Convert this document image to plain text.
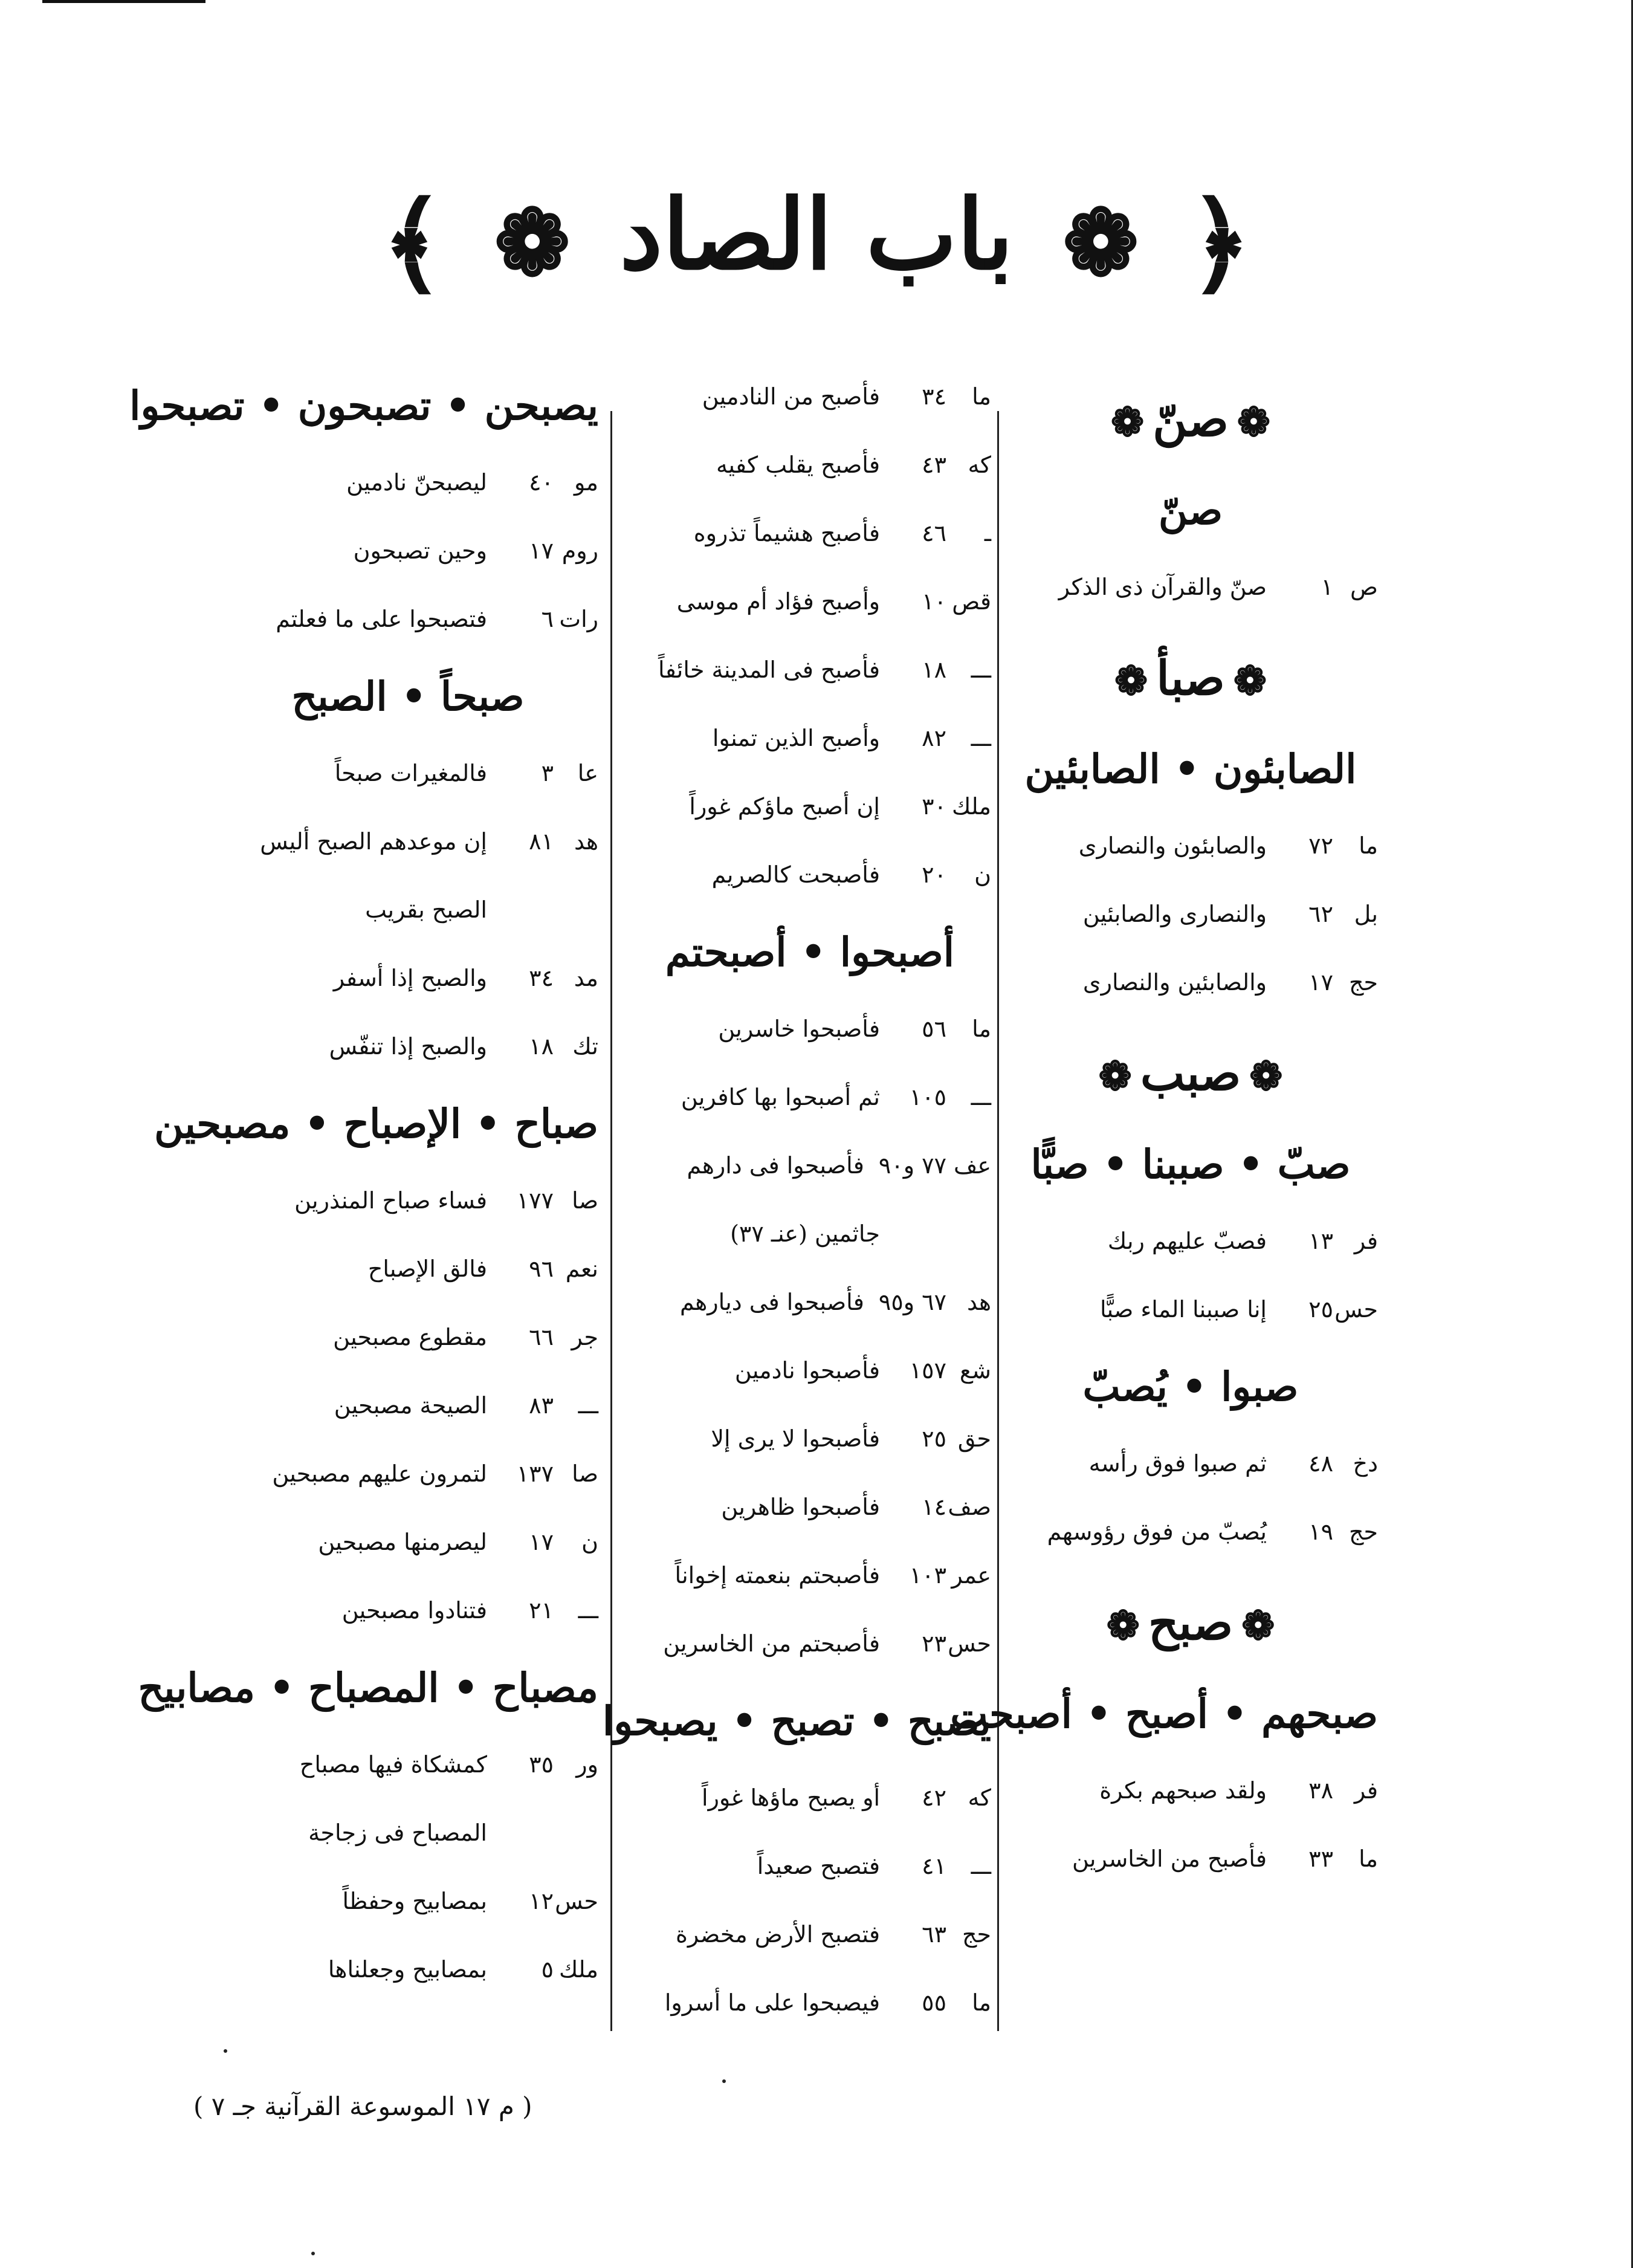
﴿ ❁ باب الصاد ❁ ﴾
❁صنّ❁
صنّ
ص
١
صنّ والقرآن ذى الذكر
❁صبأ❁
الصابئون • الصابئين
ما
٧٢
والصابئون والنصارى
بل
٦٢
والنصارى والصابئين
حج
١٧
والصابئين والنصارى
❁صبب❁
صبّ • صببنا • صبًّا
فر
١٣
فصبّ عليهم ربك
حس
٢٥
إنا صببنا الماء صبًّا
صبوا • يُصبّ
دخ
٤٨
ثم صبوا فوق رأسه
حج
١٩
يُصبّ من فوق رؤوسهم
❁صبح❁
صبحهم • أصبح • أصبحت
فر
٣٨
ولقد صبحهم بكرة
ما
٣٣
فأصبح من الخاسرين
ما
٣٤
فأصبح من النادمين
كه
٤٣
فأصبح يقلب كفيه
ـ
٤٦
فأصبح هشيماً تذروه
قص
١٠
وأصبح فؤاد أم موسى
ـــ
١٨
فأصبح فى المدينة خائفاً
ـــ
٨٢
وأصبح الذين تمنوا
ملك
٣٠
إن أصبح ماؤكم غوراً
ن
٢٠
فأصبحت كالصريم
أصبحوا • أصبحتم
ما
٥٦
فأصبحوا خاسرين
ـــ
١٠٥
ثم أصبحوا بها كافرين
عف
٧٧ و٩٠
فأصبحوا فى دارهم
جاثمين (عنـ ٣٧)
هد
٦٧ و٩٥
فأصبحوا فى ديارهم
شع
١٥٧
فأصبحوا نادمين
حق
٢٥
فأصبحوا لا يرى إلا
صف
١٤
فأصبحوا ظاهرين
عمر
١٠٣
فأصبحتم بنعمته إخواناً
حس
٢٣
فأصبحتم من الخاسرين
يصبح • تصبح • يصبحوا
كه
٤٢
أو يصبح ماؤها غوراً
ـــ
٤١
فتصبح صعيداً
حج
٦٣
فتصبح الأرض مخضرة
ما
٥٥
فيصبحوا على ما أسروا
يصبحن • تصبحون • تصبحوا
مو
٤٠
ليصبحنّ نادمين
روم
١٧
وحين تصبحون
رات
٦
فتصبحوا على ما فعلتم
صبحاً • الصبح
عا
٣
فالمغيرات صبحاً
هد
٨١
إن موعدهم الصبح أليس
الصبح بقريب
مد
٣٤
والصبح إذا أسفر
تك
١٨
والصبح إذا تنفّس
صباح • الإصباح • مصبحين
صا
١٧٧
فساء صباح المنذرين
نعم
٩٦
فالق الإصباح
جر
٦٦
مقطوع مصبحين
ـــ
٨٣
الصيحة مصبحين
صا
١٣٧
لتمرون عليهم مصبحين
ن
١٧
ليصرمنها مصبحين
ـــ
٢١
فتنادوا مصبحين
مصباح • المصباح • مصابيح
ور
٣٥
كمشكاة فيها مصباح
المصباح فى زجاجة
حس
١٢
بمصابيح وحفظاً
ملك
٥
بمصابيح وجعلناها
( م ١٧ الموسوعة القرآنية جـ ٧ )
